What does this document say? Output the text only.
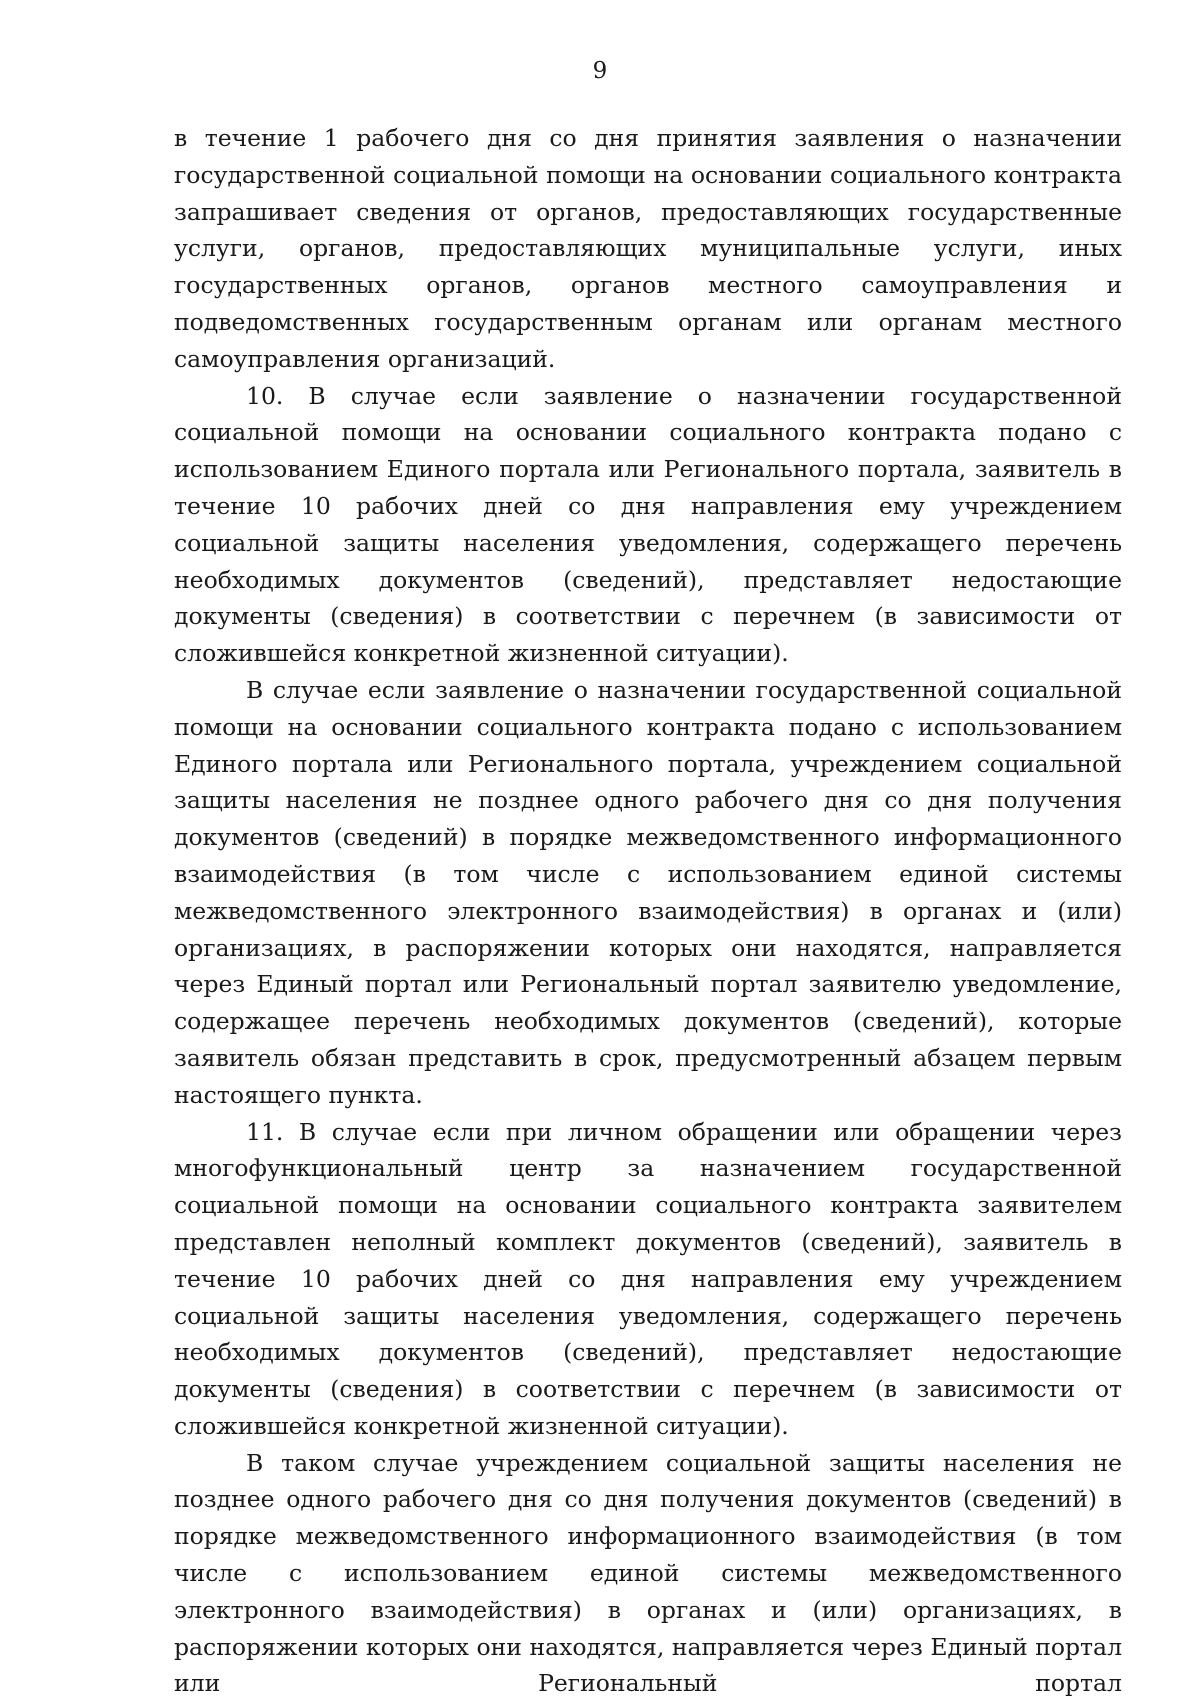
9

в течение 1 рабочего дня со дня принятия заявления о назначении государственной социальной помощи на основании социального контракта запрашивает сведения от органов, предоставляющих государственные услуги, органов, предоставляющих муниципальные услуги, иных государственных органов, органов местного самоуправления и подведомственных государственным органам или органам местного самоуправления организаций.

10. В случае если заявление о назначении государственной социальной помощи на основании социального контракта подано с использованием Единого портала или Регионального портала, заявитель в течение 10 рабочих дней со дня направления ему учреждением социальной защиты населения уведомления, содержащего перечень необходимых документов (сведений), представляет недостающие документы (сведения) в соответствии с перечнем (в зависимости от сложившейся конкретной жизненной ситуации).

В случае если заявление о назначении государственной социальной помощи на основании социального контракта подано с использованием Единого портала или Регионального портала, учреждением социальной защиты населения не позднее одного рабочего дня со дня получения документов (сведений) в порядке межведомственного информационного взаимодействия (в том числе с использованием единой системы межведомственного электронного взаимодействия) в органах и (или) организациях, в распоряжении которых они находятся, направляется через Единый портал или Региональный портал заявителю уведомление, содержащее перечень необходимых документов (сведений), которые заявитель обязан представить в срок, предусмотренный абзацем первым настоящего пункта.

11. В случае если при личном обращении или обращении через многофункциональный центр за назначением государственной социальной помощи на основании социального контракта заявителем представлен неполный комплект документов (сведений), заявитель в течение 10 рабочих дней со дня направления ему учреждением социальной защиты населения уведомления, содержащего перечень необходимых документов (сведений), представляет недостающие документы (сведения) в соответствии с перечнем (в зависимости от сложившейся конкретной жизненной ситуации).

В таком случае учреждением социальной защиты населения не позднее одного рабочего дня со дня получения документов (сведений) в порядке межведомственного информационного взаимодействия (в том числе с использованием единой системы межведомственного электронного взаимодействия) в органах и (или) организациях, в распоряжении которых они находятся, направляется через Единый портал или Региональный портал
